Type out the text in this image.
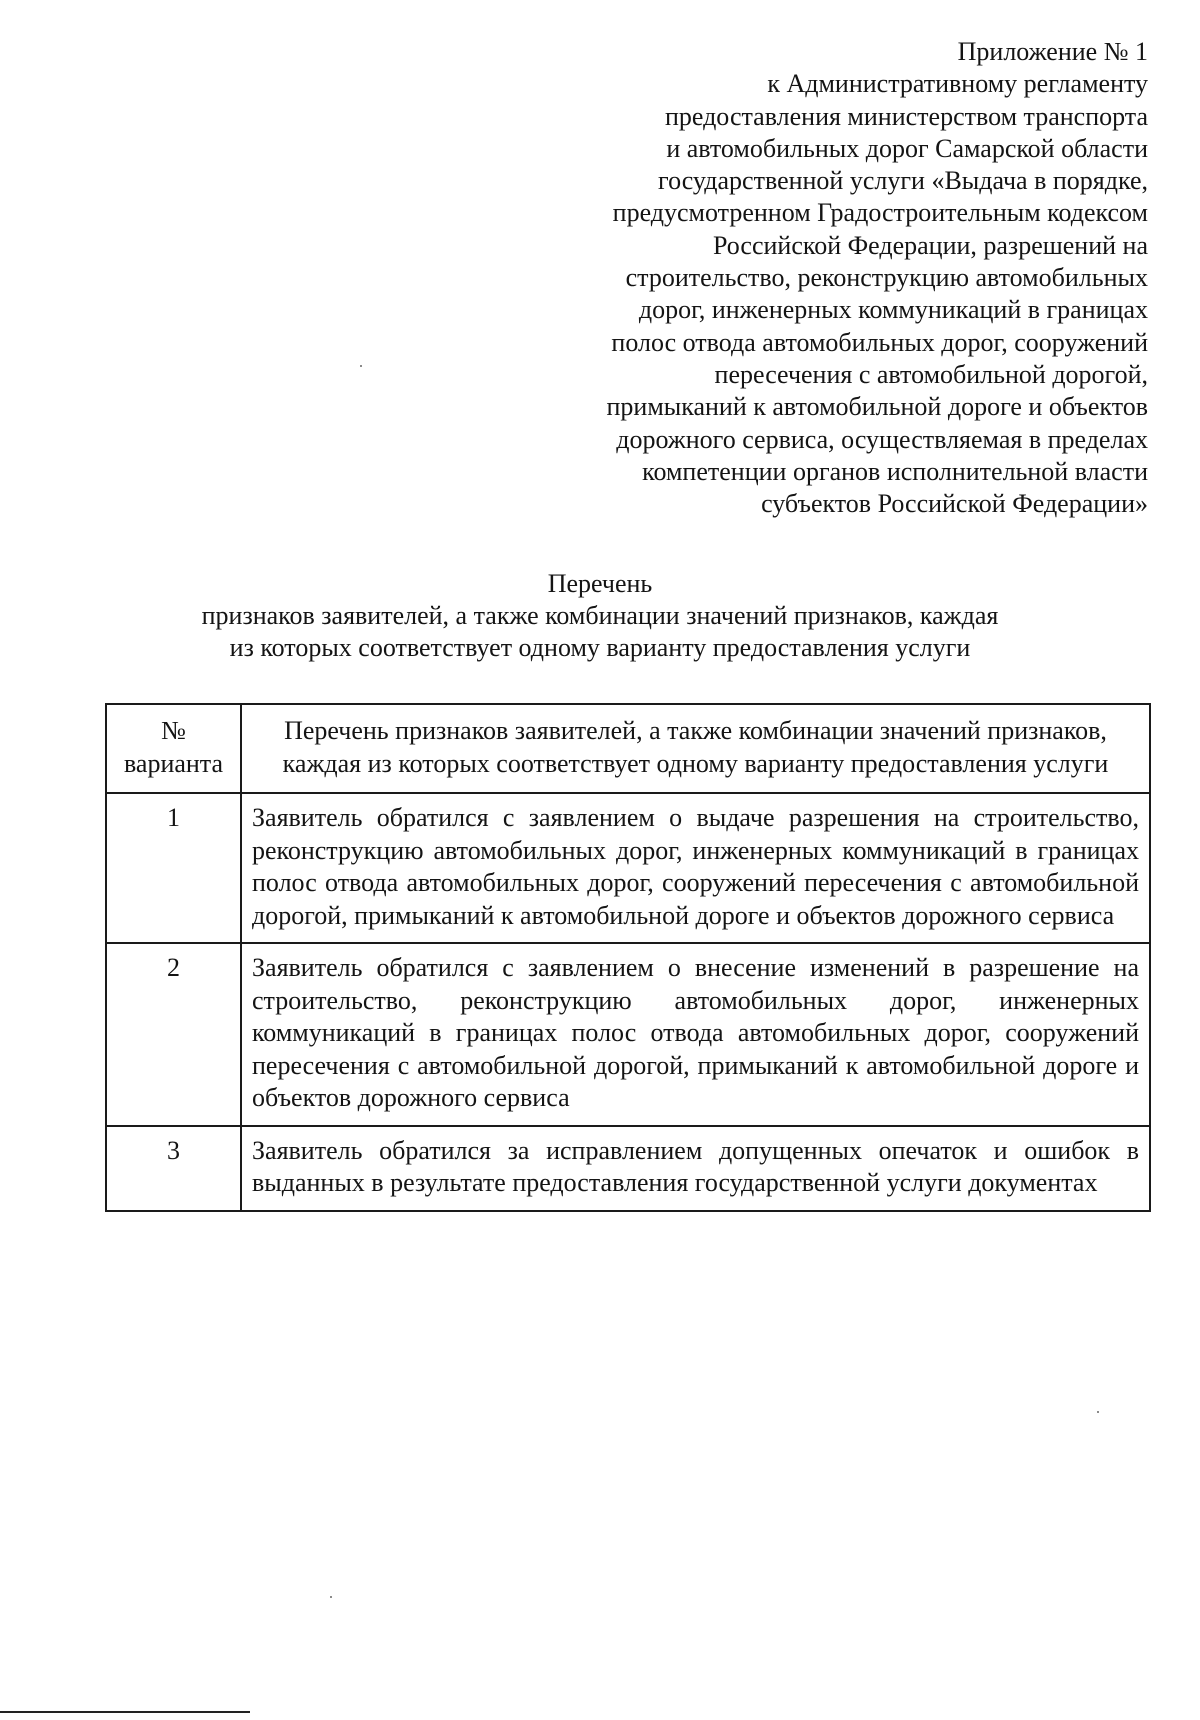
Приложение № 1
к Административному регламенту
предоставления министерством транспорта
и автомобильных дорог Самарской области
государственной услуги «Выдача в порядке,
предусмотренном Градостроительным кодексом
Российской Федерации, разрешений на
строительство, реконструкцию автомобильных
дорог, инженерных коммуникаций в границах
полос отвода автомобильных дорог, сооружений
пересечения с автомобильной дорогой,
примыканий к автомобильной дороге и объектов
дорожного сервиса, осуществляемая в пределах
компетенции органов исполнительной власти
субъектов Российской Федерации»
Перечень
признаков заявителей, а также комбинации значений признаков, каждая
из которых соответствует одному варианту предоставления услуги
№
варианта	Перечень признаков заявителей, а также комбинации значений признаков, каждая из которых соответствует одному варианту предоставления услуги
1	Заявитель обратился с заявлением о выдаче разрешения на строительство, реконструкцию автомобильных дорог, инженерных коммуникаций в границах полос отвода автомобильных дорог, сооружений пересечения с автомобильной дорогой, примыканий к автомобильной дороге и объектов дорожного сервиса
2	Заявитель обратился с заявлением о внесение изменений в разрешение на строительство, реконструкцию автомобильных дорог, инженерных коммуникаций в границах полос отвода автомобильных дорог, сооружений пересечения с автомобильной дорогой, примыканий к автомобильной дороге и объектов дорожного сервиса
3	Заявитель обратился за исправлением допущенных опечаток и ошибок в выданных в результате предоставления государственной услуги документах
